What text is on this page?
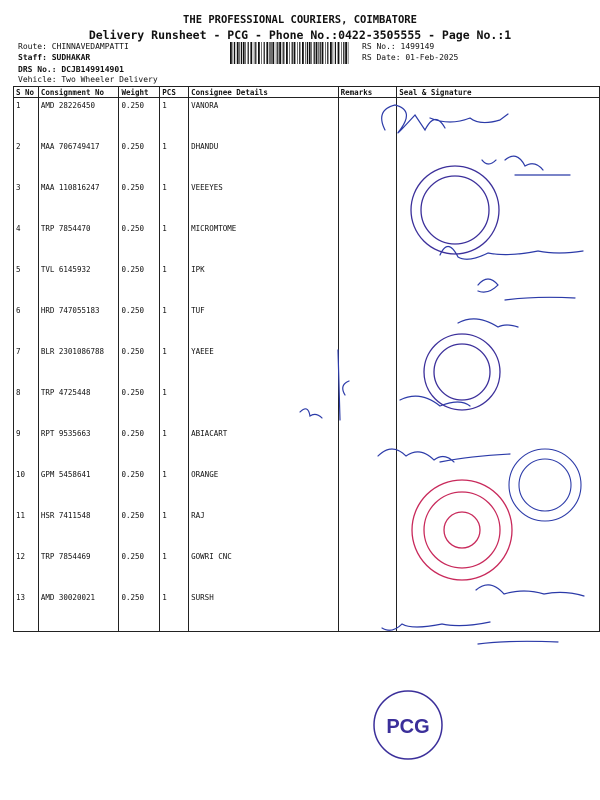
THE PROFESSIONAL COURIERS, COIMBATORE
Delivery Runsheet - PCG - Phone No.:0422-3505555 - Page No.:1
Route: CHINNAVEDAMPATTI
Staff: SUDHAKAR
DRS No.: DCJB149914901
Vehicle: Two Wheeler Delivery
RS No.: 1499149
RS Date: 01-Feb-2025
S No	Consignment No	Weight	PCS	Consignee Details	Remarks	Seal & Signature
1	AMD 28226450	0.250	1	VANORA		
2	MAA 706749417	0.250	1	DHANDU		
3	MAA 110816247	0.250	1	VEEEYES		
4	TRP 7854470	0.250	1	MICROMTOME		
5	TVL 6145932	0.250	1	IPK		
6	HRD 747055183	0.250	1	TUF		
7	BLR 2301086788	0.250	1	YAEEE		
8	TRP 4725448	0.250	1			
9	RPT 9535663	0.250	1	ABIACART		
10	GPM 5458641	0.250	1	ORANGE		
11	HSR 7411548	0.250	1	RAJ		
12	TRP 7854469	0.250	1	GOWRI CNC		
13	AMD 30020021	0.250	1	SURSH		
PCG
